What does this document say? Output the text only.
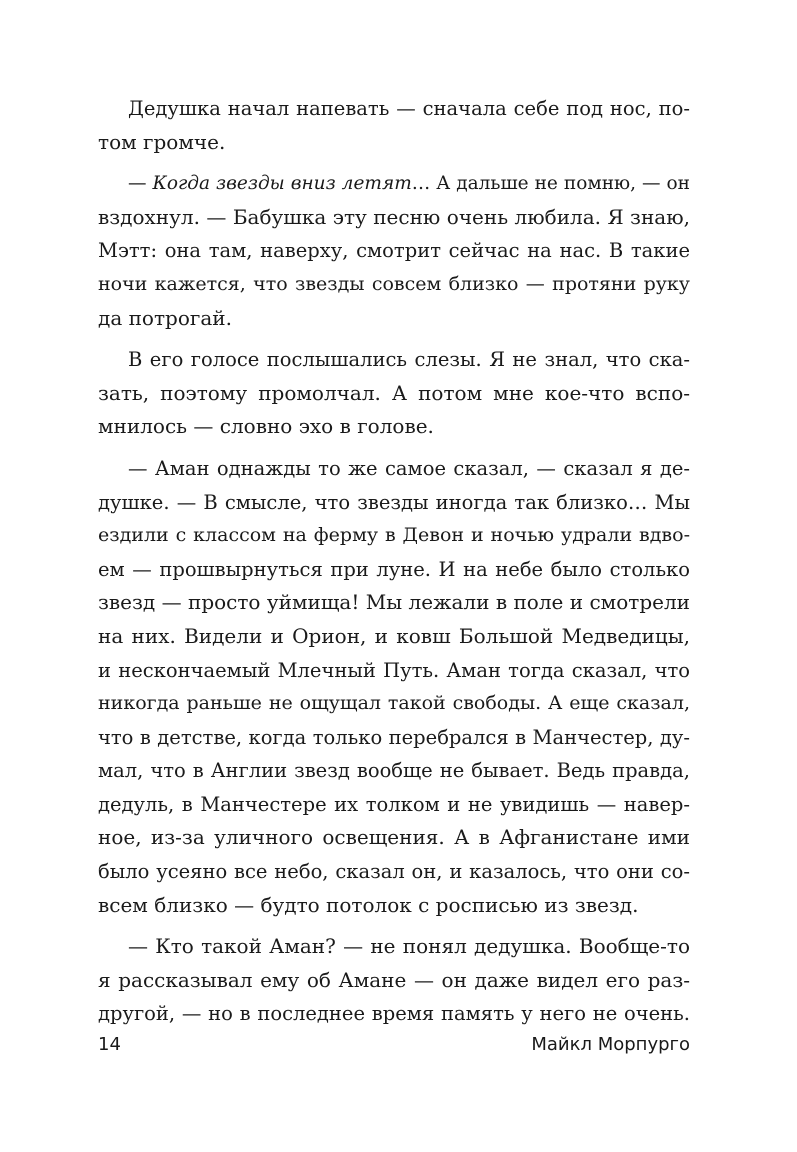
Дедушка начал напевать — сначала себе под нос, по-
том громче.
— Когда звезды вниз летят… А дальше не помню, — он
вздохнул. — Бабушка эту песню очень любила. Я знаю,
Мэтт: она там, наверху, смотрит сейчас на нас. В такие
ночи кажется, что звезды совсем близко — протяни руку
да потрогай.
В его голосе послышались слезы. Я не знал, что ска-
зать, поэтому промолчал. А потом мне кое-что вспо-
мнилось — словно эхо в голове.
— Аман однажды то же самое сказал, — сказал я де-
душке. — В смысле, что звезды иногда так близко… Мы
ездили с классом на ферму в Девон и ночью удрали вдво-
ем — прошвырнуться при луне. И на небе было столько
звезд — просто уймища! Мы лежали в поле и смотрели
на них. Видели и Орион, и ковш Большой Медведицы,
и нескончаемый Млечный Путь. Аман тогда сказал, что
никогда раньше не ощущал такой свободы. А еще сказал,
что в детстве, когда только перебрался в Манчестер, ду-
мал, что в Англии звезд вообще не бывает. Ведь правда,
дедуль, в Манчестере их толком и не увидишь — навер-
ное, из-за уличного освещения. А в Афганистане ими
было усеяно все небо, сказал он, и казалось, что они со-
всем близко — будто потолок с росписью из звезд.
— Кто такой Аман? — не понял дедушка. Вообще-то
я рассказывал ему об Амане — он даже видел его раз-
другой, — но в последнее время память у него не очень.
14	Майкл Морпурго
